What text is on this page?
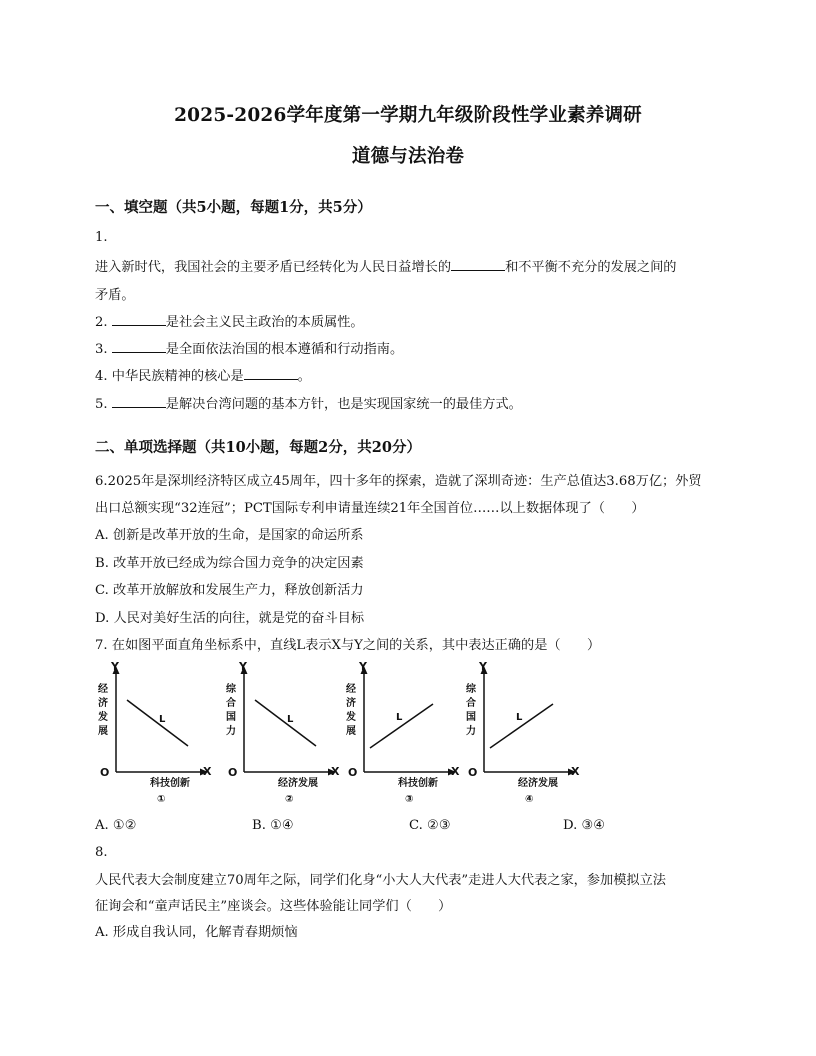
2025-2026学年度第一学期九年级阶段性学业素养调研
道德与法治卷
一、填空题（共5小题，每题1分，共5分）
1.
进入新时代，我国社会的主要矛盾已经转化为人民日益增长的	和不平衡不充分的发展之间的
矛盾。
2.	是社会主义民主政治的本质属性。
3.	是全面依法治国的根本遵循和行动指南。
4. 中华民族精神的核心是	。
5.	是解决台湾问题的基本方针，也是实现国家统一的最佳方式。
二、单项选择题（共10小题，每题2分，共20分）
6.2025年是深圳经济特区成立45周年，四十多年的探索，造就了深圳奇迹：生产总值达3.68万亿；外贸
出口总额实现“32连冠”；PCT国际专利申请量连续21年全国首位……以上数据体现了（　　）
A. 创新是改革开放的生命，是国家的命运所系
B. 改革开放已经成为综合国力竞争的决定因素
C. 改革开放解放和发展生产力，释放创新活力
D. 人民对美好生活的向往，就是党的奋斗目标
7. 在如图平面直角坐标系中，直线L表示X与Y之间的关系，其中表达正确的是（　　）
Y
X
O
经
济
发
展
科技创新
①
L
Y
X
O
综
合
国
力
经济发展
②
L
Y
X
O
经
济
发
展
科技创新
③
L
Y
X
O
综
合
国
力
经济发展
④
L
A. ①②	B. ①④	C. ②③	D. ③④
8.
人民代表大会制度建立70周年之际，同学们化身“小大人大代表”走进人大代表之家，参加模拟立法
征询会和“童声话民主”座谈会。这些体验能让同学们（　　）
A. 形成自我认同，化解青春期烦恼
